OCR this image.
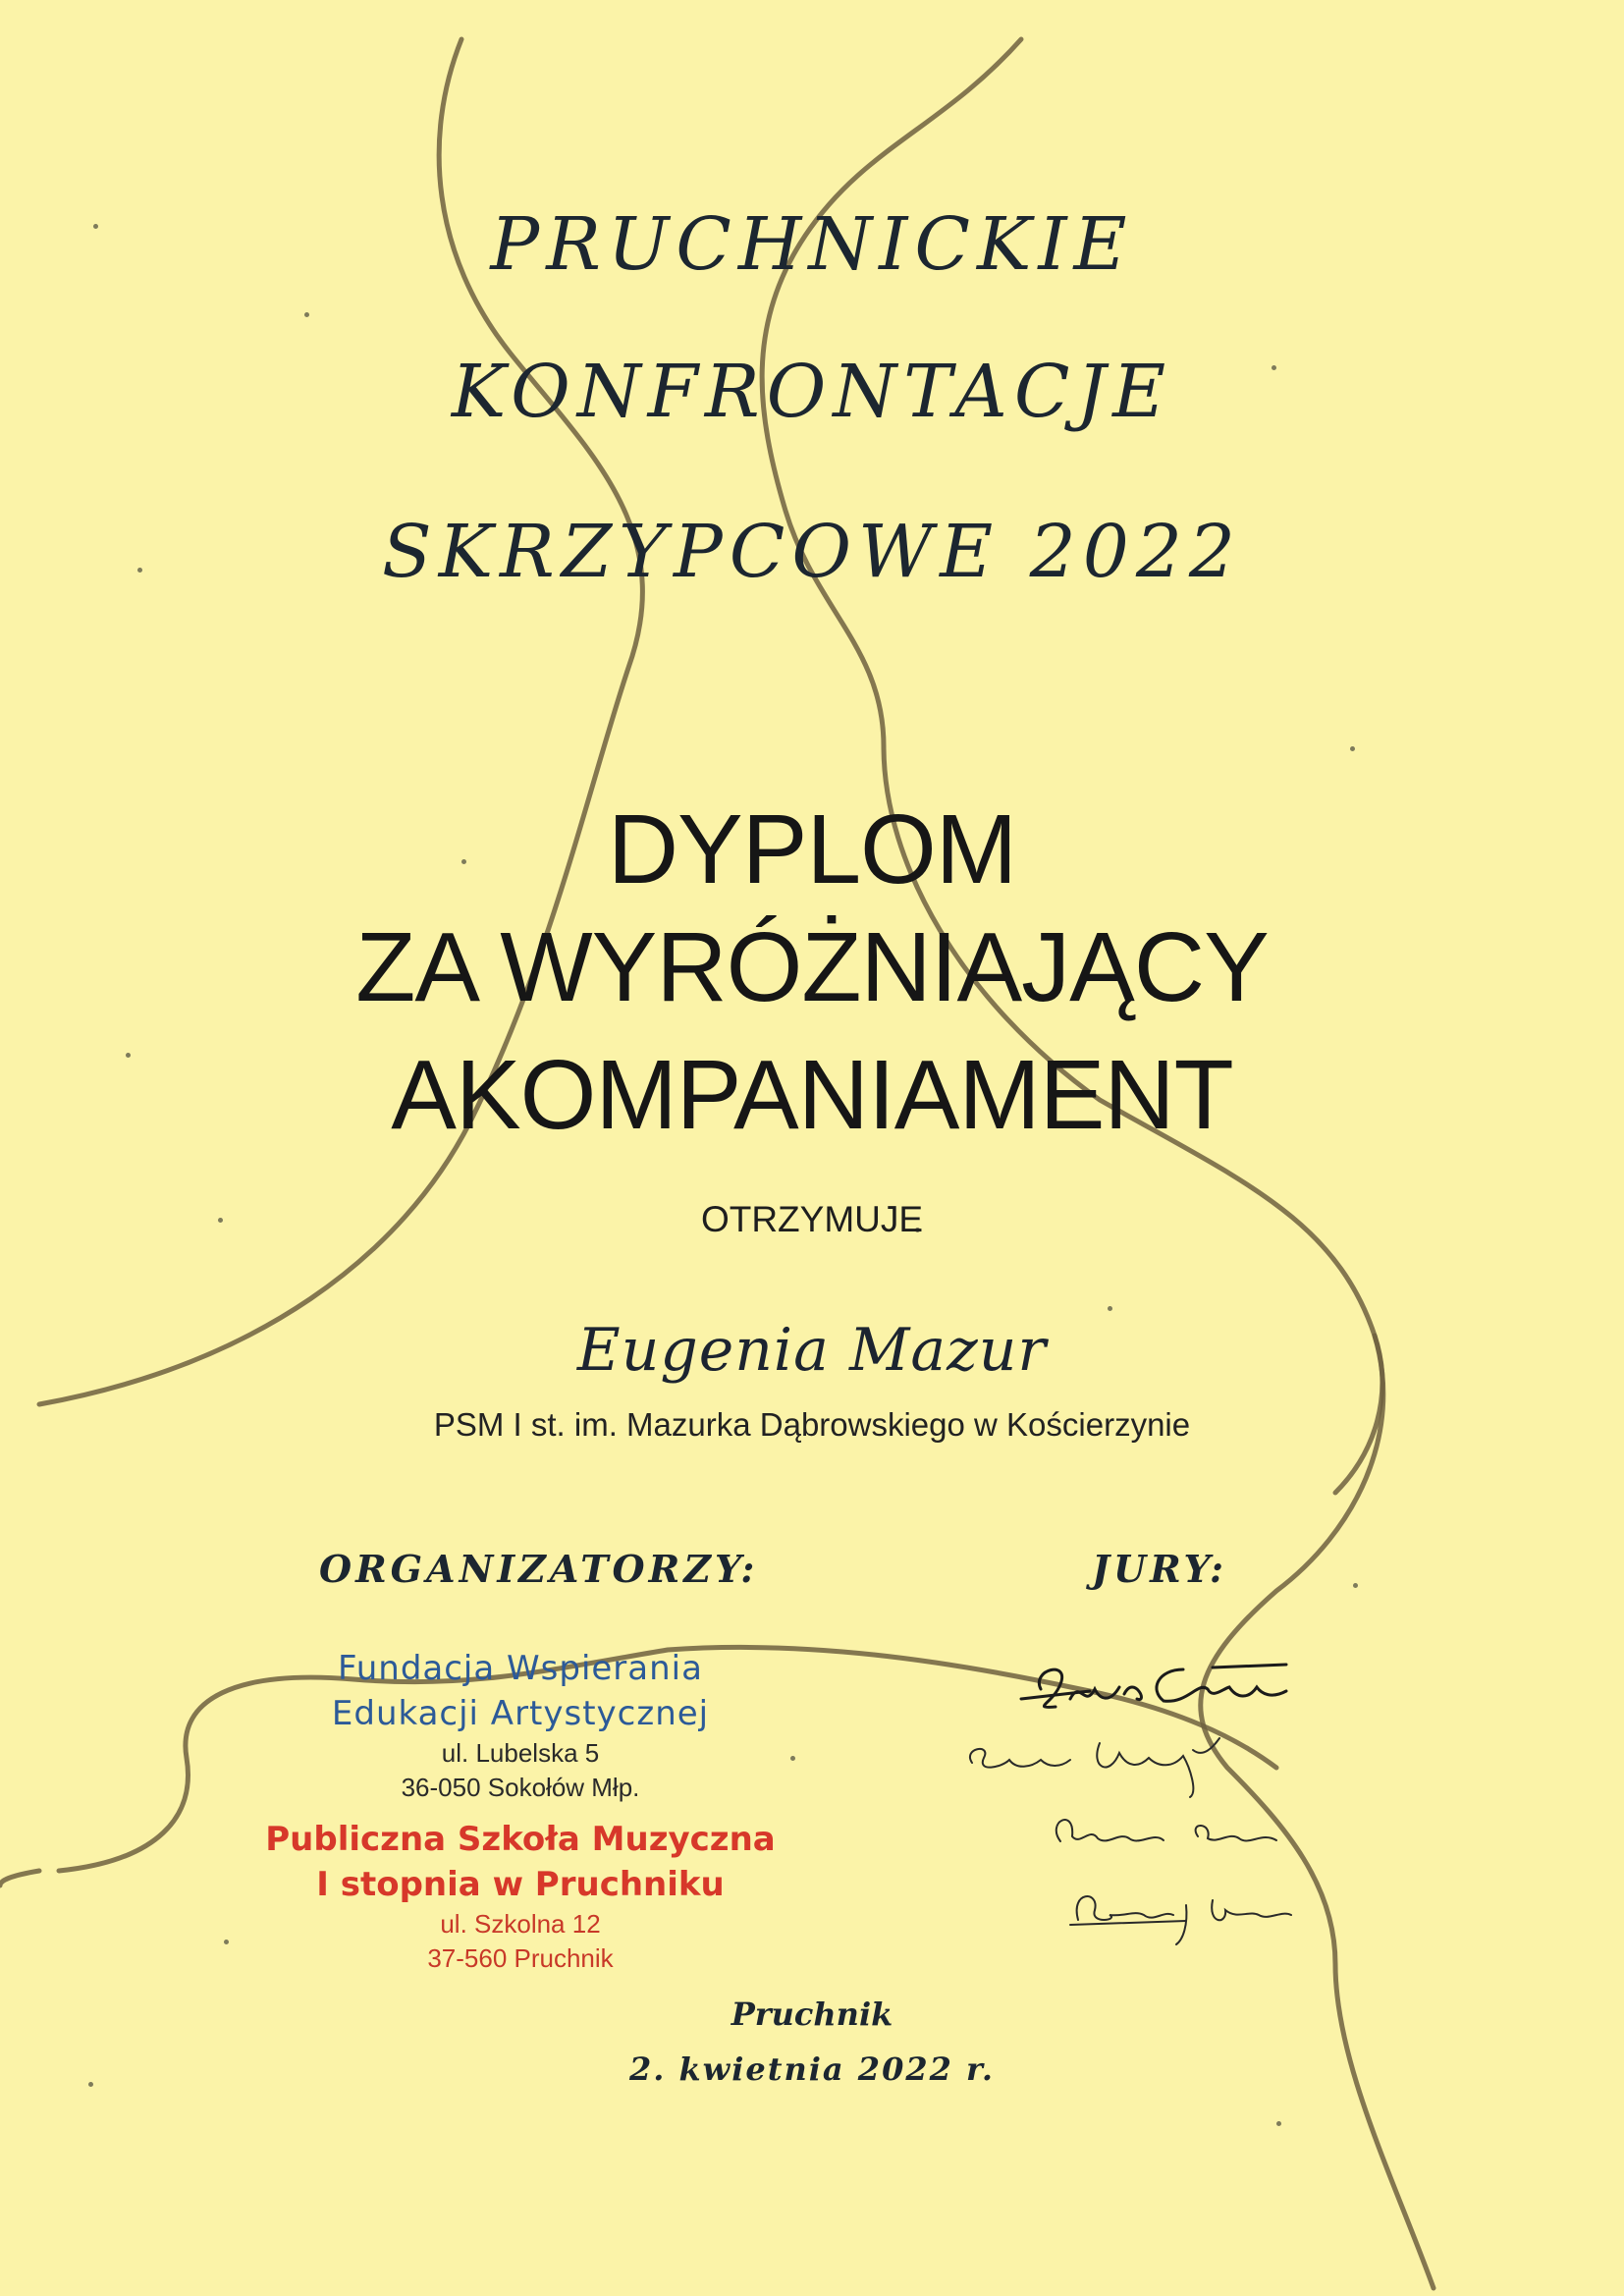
PRUCHNICKIE
KONFRONTACJE
SKRZYPCOWE 2022
DYPLOM
ZA WYRÓŻNIAJĄCY
AKOMPANIAMENT
OTRZYMUJE
Eugenia Mazur
PSM I st. im. Mazurka Dąbrowskiego w Kościerzynie
ORGANIZATORZY:	JURY:
Fundacja Wspierania
Edukacji Artystycznej
ul. Lubelska 5
36-050 Sokołów Młp.
Publiczna Szkoła Muzyczna
I stopnia w Pruchniku
ul. Szkolna 12
37-560 Pruchnik
Pruchnik
2. kwietnia 2022 r.
